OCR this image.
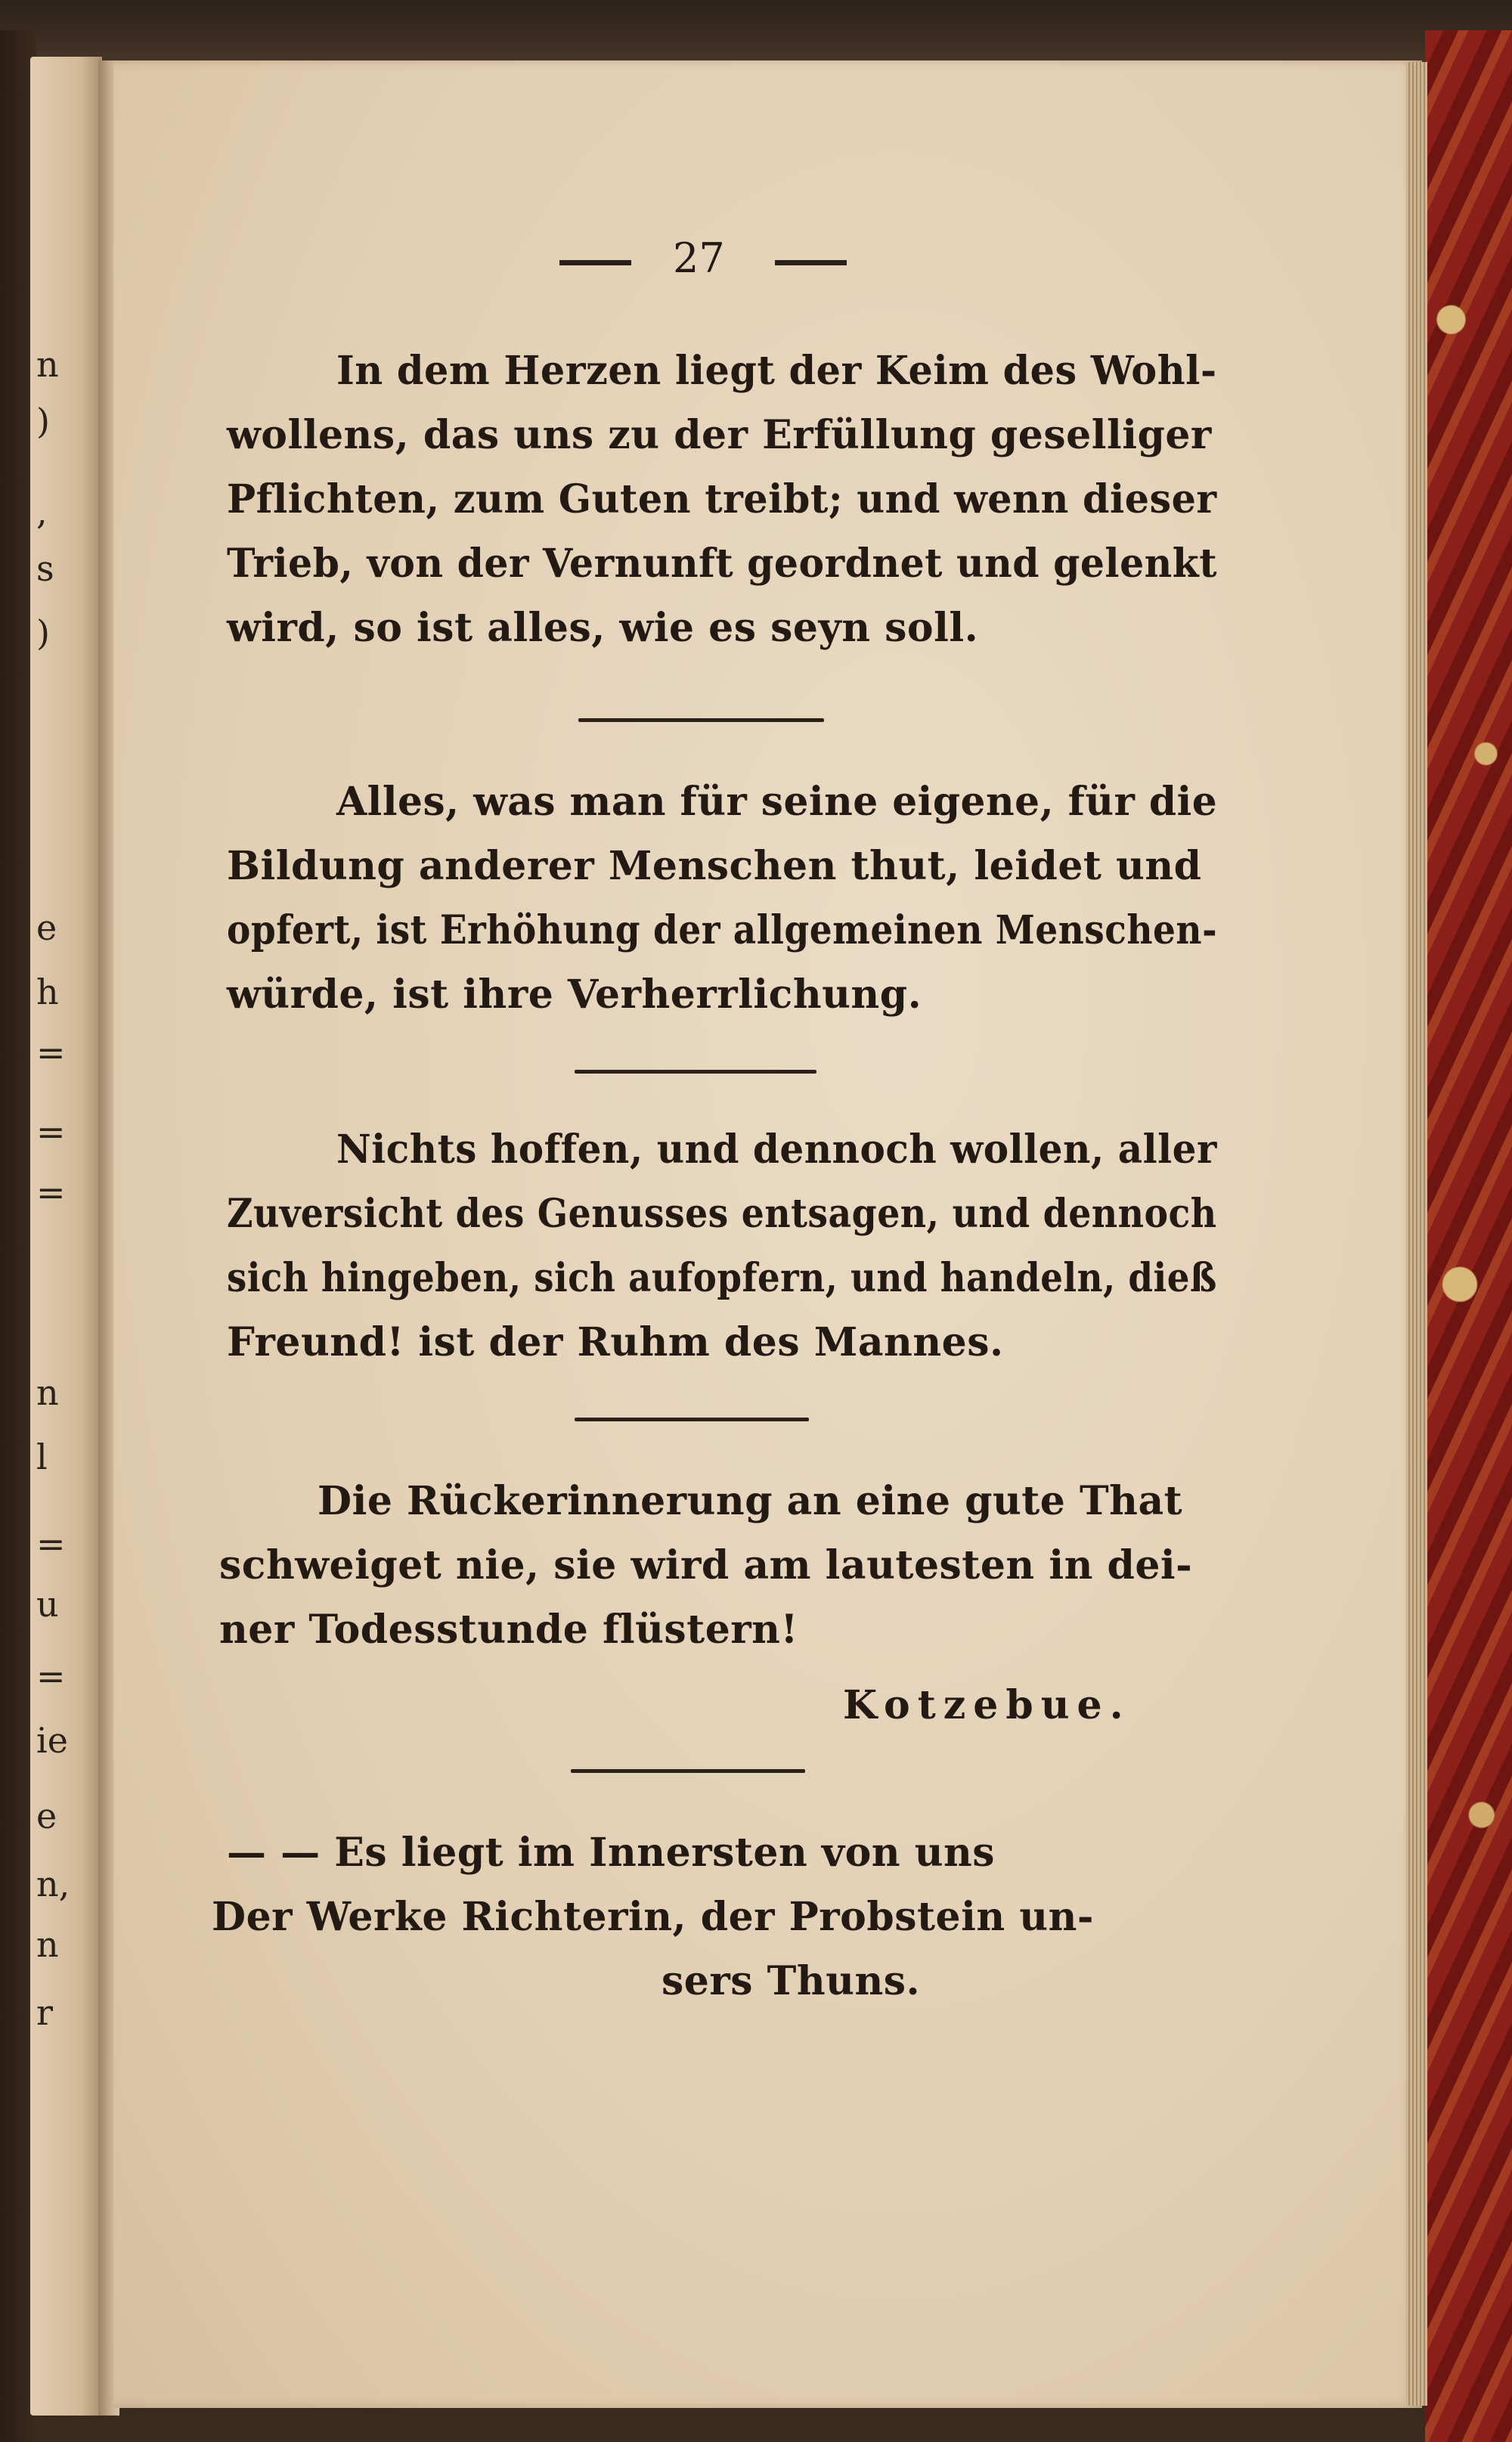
n
)
,
s
)
e
h
=
=
=
n
l
=
u
=
ie
e
n,
n
r
27

In dem Herzen liegt der Keim des Wohl-

wollens, das uns zu der Erfüllung geselliger

Pflichten, zum Guten treibt; und wenn dieser

Trieb, von der Vernunft geordnet und gelenkt

wird, so ist alles, wie es seyn soll.

Alles, was man für seine eigene, für die

Bildung anderer Menschen thut, leidet und

opfert, ist Erhöhung der allgemeinen Menschen-

würde, ist ihre Verherrlichung.

Nichts hoffen, und dennoch wollen, aller

Zuversicht des Genusses entsagen, und dennoch

sich hingeben, sich aufopfern, und handeln, dieß

Freund! ist der Ruhm des Mannes.

Die Rückerinnerung an eine gute That

schweiget nie, sie wird am lautesten in dei-

ner Todesstunde flüstern!

Kotzebue.

— — Es liegt im Innersten von uns

Der Werke Richterin, der Probstein un-

sers Thuns.
